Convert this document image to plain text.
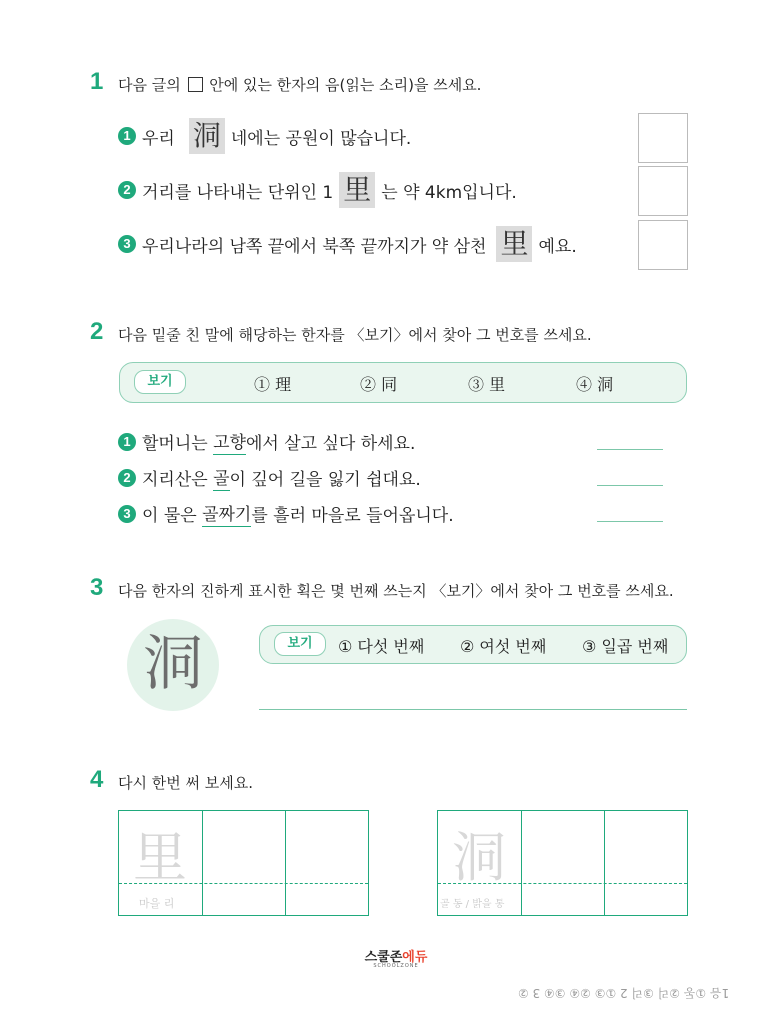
1 다음 글의 안에 있는 한자의 음(읽는 소리)을 쓰세요.
1 우리 洞 네에는 공원이 많습니다.
2 거리를 나타내는 단위인 1 里 는 약 4km입니다.
3 우리나라의 남쪽 끝에서 북쪽 끝까지가 약 삼천 里 예요.
2 다음 밑줄 친 말에 해당하는 한자를 〈보기〉에서 찾아 그 번호를 쓰세요.
보기	① 理	② 同	③ 里	④ 洞
1 할머니는 고향 에서 살고 싶다 하세요.
2 지리산은 골 이 깊어 길을 잃기 쉽대요.
3 이 물은 골짜기 를 흘러 마을로 들어옵니다.
3 다음 한자의 진하게 표시한 획은 몇 번째 쓰는지 〈보기〉에서 찾아 그 번호를 쓰세요.
洞	보기	① 다섯 번째 ② 여섯 번째 ③ 일곱 번째
4 다시 한번 써 보세요.
里
마을 리
洞
골 동 / 밝을 통
스쿨존에듀
SCHOOLZONE
1음 ①동 ②리 ③리 2 ①③ ②④ ③④ 3 ②
